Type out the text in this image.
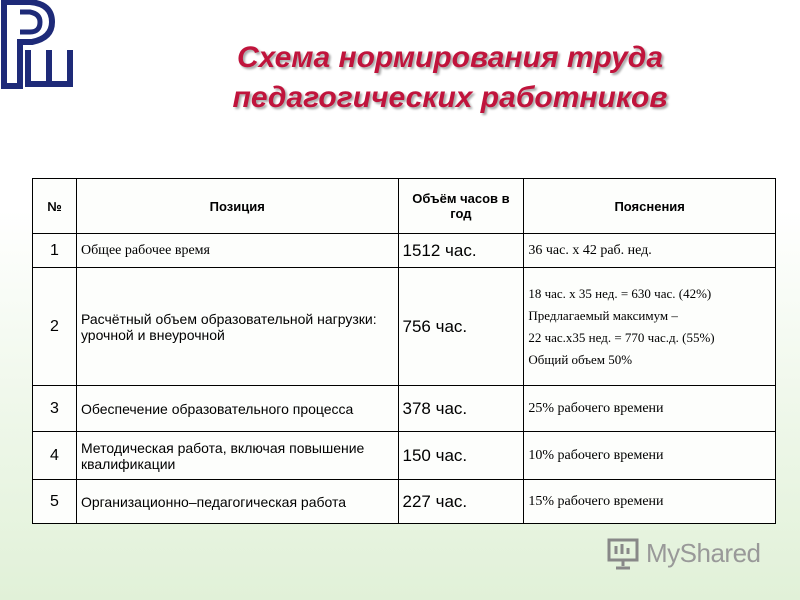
Схема нормирования труда
педагогических работников
№	Позиция	Объём часов в год	Пояснения
1	Общее рабочее время	1512 час.	36 час. х 42 раб. нед.
2	Расчётный объем образовательной нагрузки: урочной и внеурочной	756 час.	18 час. х 35 нед. = 630 час. (42%)
Предлагаемый максимум –
22 час.х35 нед. = 770 час.д. (55%)
Общий объем 50%

3	Обеспечение образовательного процесса	378 час.	25% рабочего времени
4	Методическая работа, включая повышение квалификации	150 час.	10% рабочего времени
5	Организационно–педагогическая работа	227 час.	15% рабочего времени
MyShared
